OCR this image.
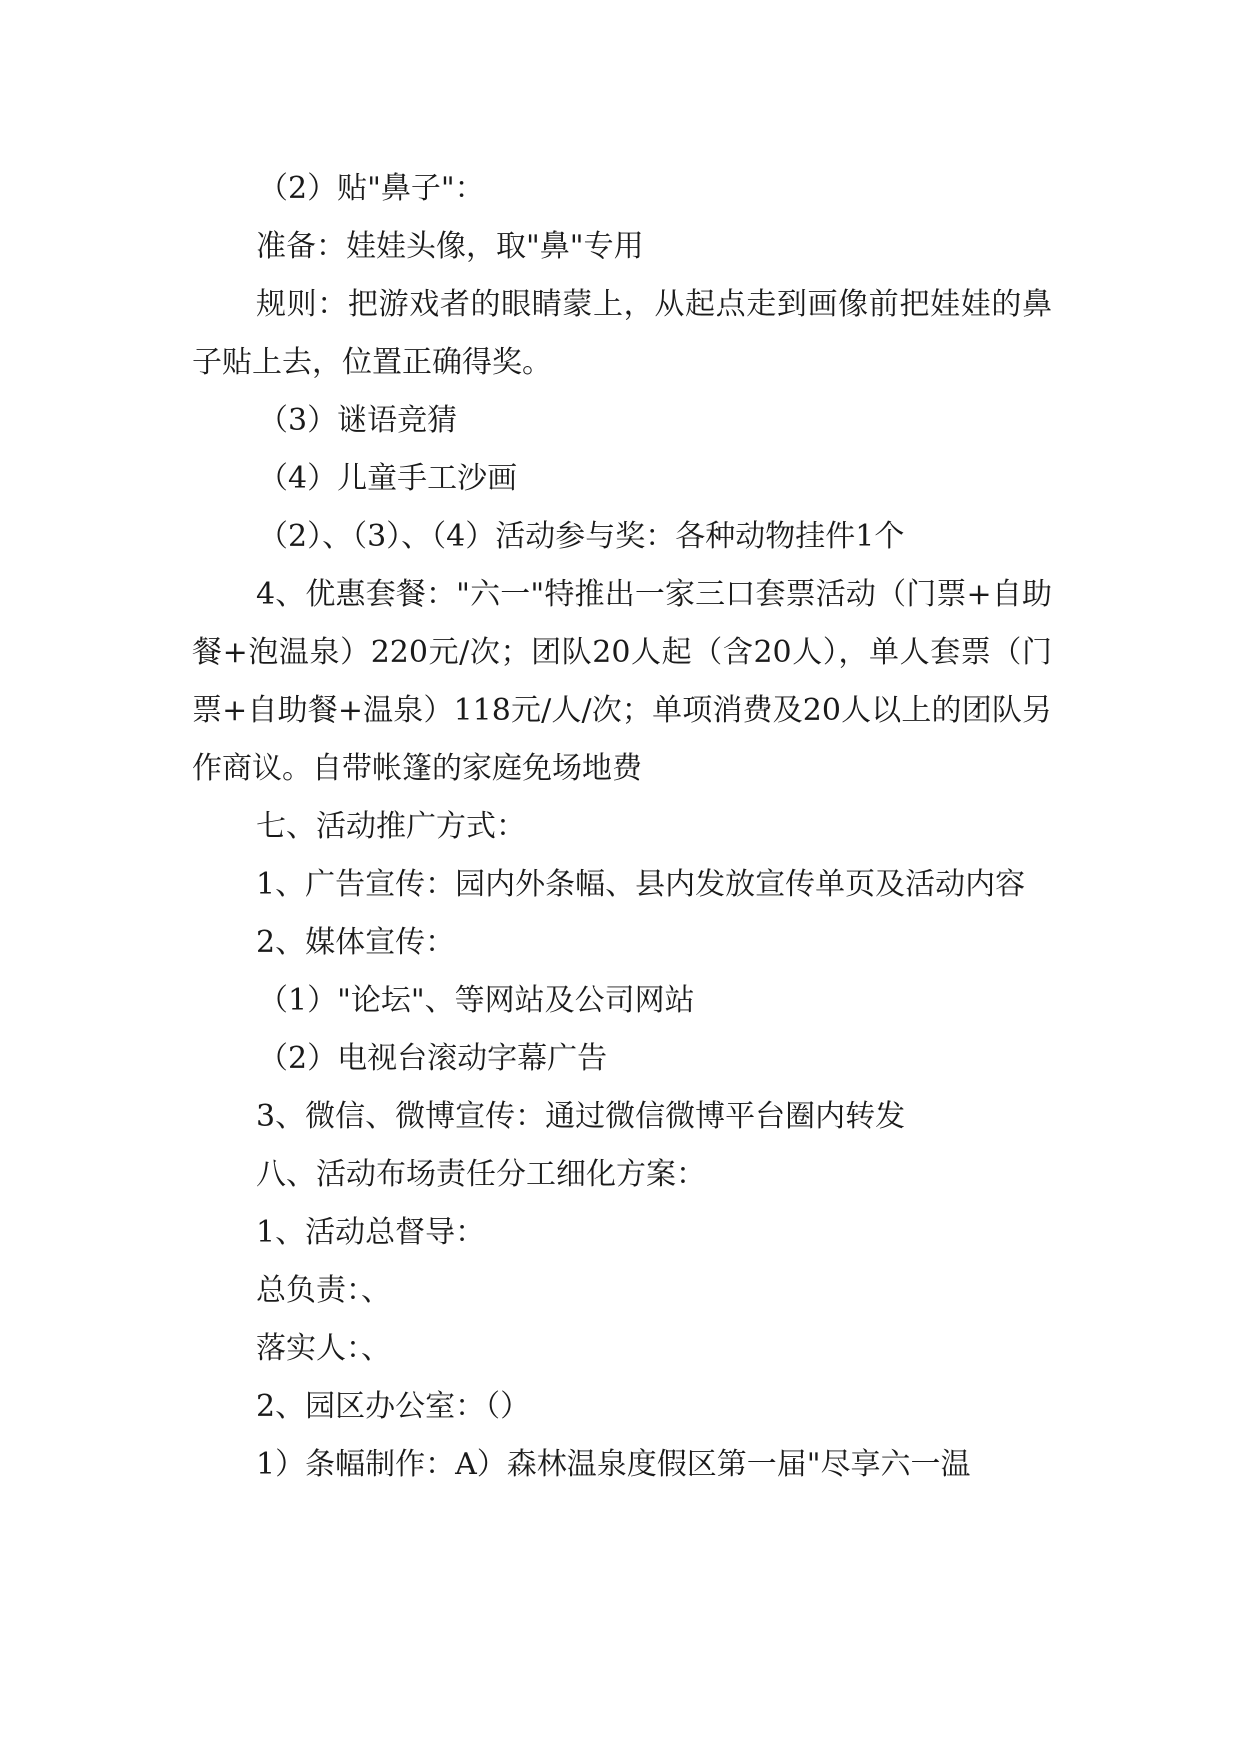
（2）贴"鼻子"：

准备：娃娃头像，取"鼻"专用

规则：把游戏者的眼睛蒙上，从起点走到画像前把娃娃的鼻子贴上去，位置正确得奖。

（3）谜语竞猜

（4）儿童手工沙画

（2）、（3）、（4）活动参与奖：各种动物挂件1个

4、优惠套餐："六一"特推出一家三口套票活动（门票+自助餐+泡温泉）220元/次；团队20人起（含20人），单人套票（门票+自助餐+温泉）118元/人/次；单项消费及20人以上的团队另作商议。自带帐篷的家庭免场地费

七、活动推广方式：

1、广告宣传：园内外条幅、县内发放宣传单页及活动内容

2、媒体宣传：

（1）"论坛"、等网站及公司网站

（2）电视台滚动字幕广告

3、微信、微博宣传：通过微信微博平台圈内转发

八、活动布场责任分工细化方案：

1、活动总督导：

总负责：、

落实人：、

2、园区办公室：（）

1）条幅制作：A）森林温泉度假区第一届"尽享六一温
